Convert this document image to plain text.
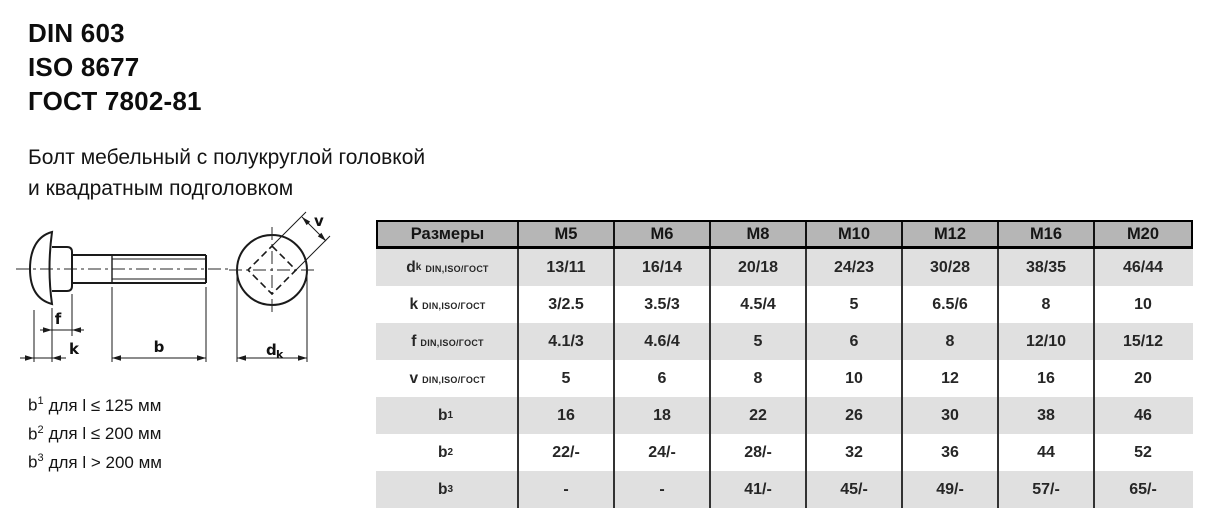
DIN 603
ISO 8677
ГОСТ 7802-81
Болт мебельный с полукруглой головкой
и квадратным подголовком
f
k	b
v
d k
$b^1$ для l ≤ 125 мм
$b^2$ для l ≤ 200 мм
$b^3$ для l > 200 мм
Размеры	M5	M6	M8	M10	M12	M16	M20
d k DIN,ISO/ГОСТ	13/11	16/14	20/18	24/23	30/28	38/35	46/44
k DIN,ISO/ГОСТ	3/2.5	3.5/3	4.5/4	5	6.5/6	8	10
f DIN,ISO/ГОСТ	4.1/3	4.6/4	5	6	8	12/10	15/12
v DIN,ISO/ГОСТ	5	6	8	10	12	16	20
b 1	16	18	22	26	30	38	46
b 2	22/-	24/-	28/-	32	36	44	52
b 3	-	-	41/-	45/-	49/-	57/-	65/-
